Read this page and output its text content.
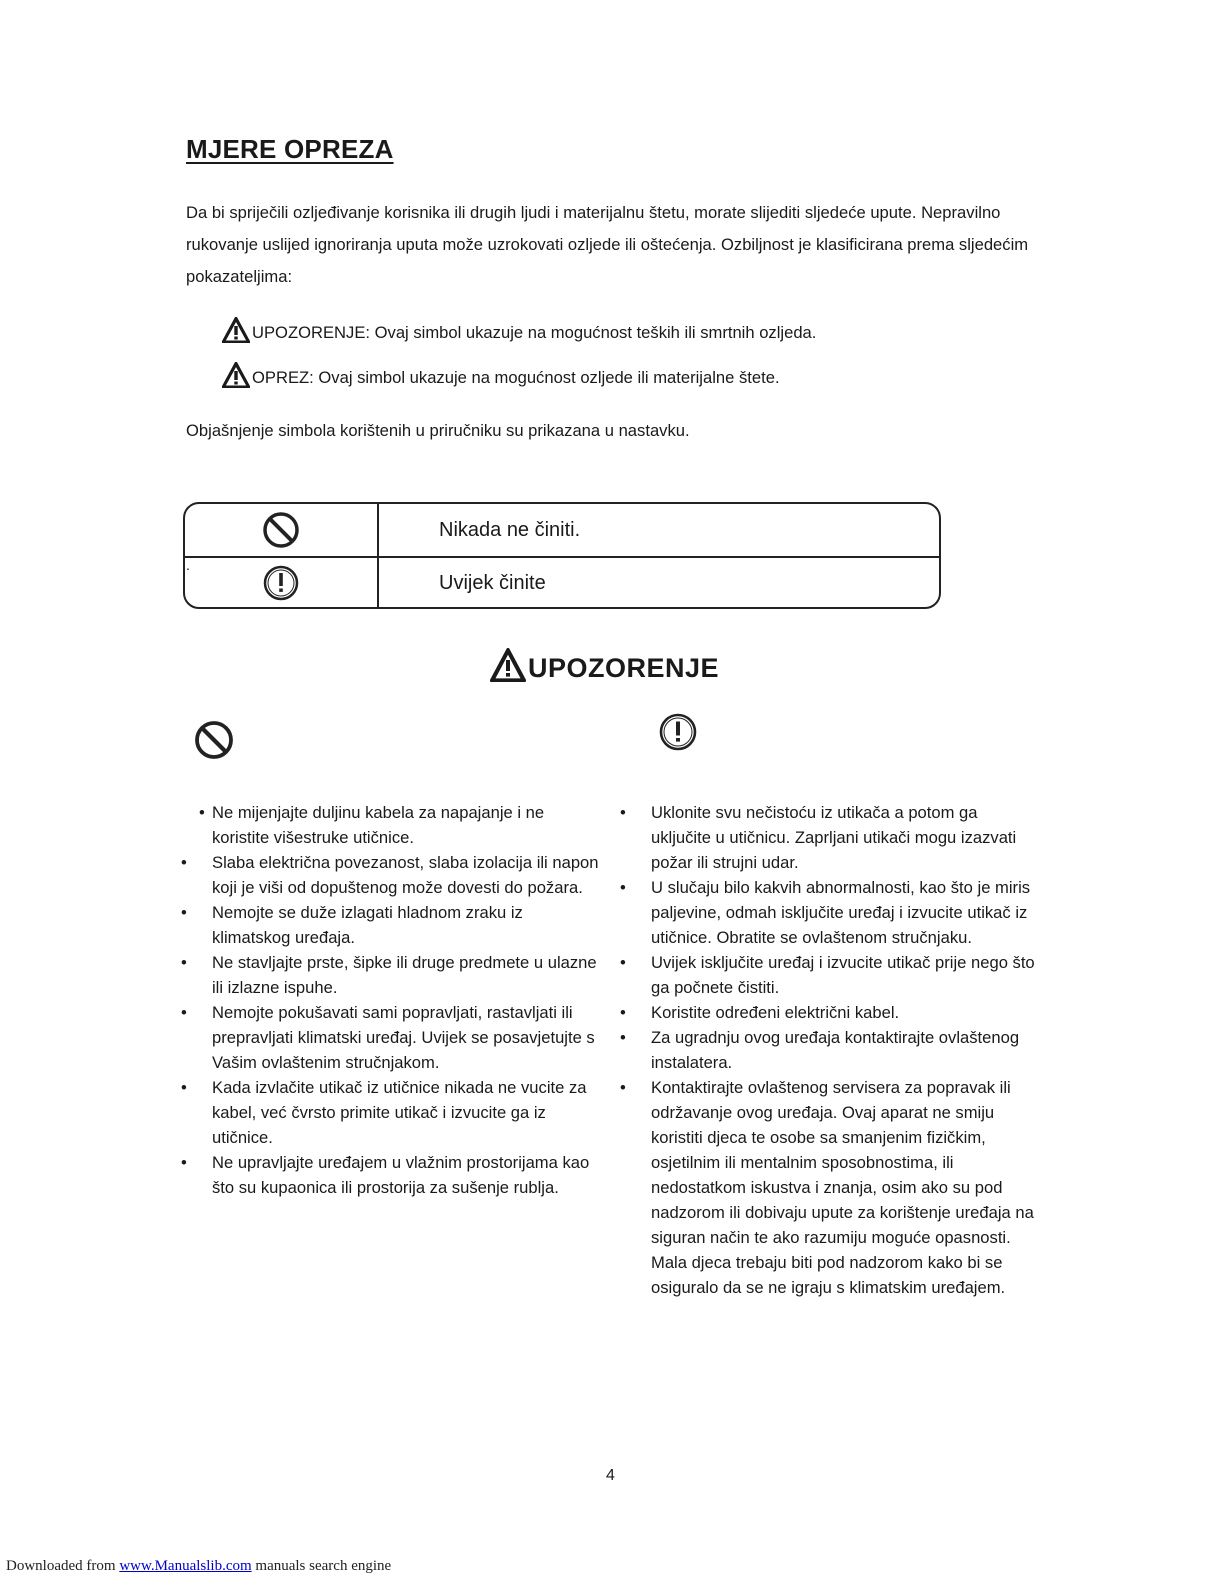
MJERE OPREZA
Da bi spriječili ozljeđivanje korisnika ili drugih ljudi i materijalnu štetu, morate slijediti sljedeće upute. Nepravilno rukovanje uslijed ignoriranja uputa može uzrokovati ozljede ili oštećenja. Ozbiljnost je klasificirana prema sljedećim pokazateljima:
UPOZORENJE: Ovaj simbol ukazuje na mogućnost teških ili smrtnih ozljeda.
OPREZ: Ovaj simbol ukazuje na mogućnost ozljede ili materijalne štete.
Objašnjenje simbola korištenih u priručniku su prikazana u nastavku.
Nikada ne činiti.
Uvijek činite
.
UPOZORENJE
• Ne mijenjajte duljinu kabela za napajanje i ne koristite višestruke utičnice.
• Slaba električna povezanost, slaba izolacija ili napon koji je viši od dopuštenog može dovesti do požara.
• Nemojte se duže izlagati hladnom zraku iz klimatskog uređaja.
• Ne stavljajte prste, šipke ili druge predmete u ulazne ili izlazne ispuhe.
• Nemojte pokušavati sami popravljati, rastavljati ili prepravljati klimatski uređaj. Uvijek se posavjetujte s Vašim ovlaštenim stručnjakom.
• Kada izvlačite utikač iz utičnice nikada ne vucite za kabel, već čvrsto primite utikač i izvucite ga iz utičnice.
• Ne upravljajte uređajem u vlažnim prostorijama kao što su kupaonica ili prostorija za sušenje rublja.
• Uklonite svu nečistoću iz utikača a potom ga uključite u utičnicu. Zaprljani utikači mogu izazvati požar ili strujni udar.
• U slučaju bilo kakvih abnormalnosti, kao što je miris paljevine, odmah isključite uređaj i izvucite utikač iz utičnice. Obratite se ovlaštenom stručnjaku.
• Uvijek isključite uređaj i izvucite utikač prije nego što ga počnete čistiti.
• Koristite određeni električni kabel.
• Za ugradnju ovog uređaja kontaktirajte ovlaštenog instalatera.
• Kontaktirajte ovlaštenog servisera za popravak ili održavanje ovog uređaja. Ovaj aparat ne smiju koristiti djeca te osobe sa smanjenim fizičkim, osjetilnim ili mentalnim sposobnostima, ili nedostatkom iskustva i znanja, osim ako su pod nadzorom ili dobivaju upute za korištenje uređaja na siguran način te ako razumiju moguće opasnosti. Mala djeca trebaju biti pod nadzorom kako bi se osiguralo da se ne igraju s klimatskim uređajem.
4
Downloaded from www.Manualslib.com manuals search engine
